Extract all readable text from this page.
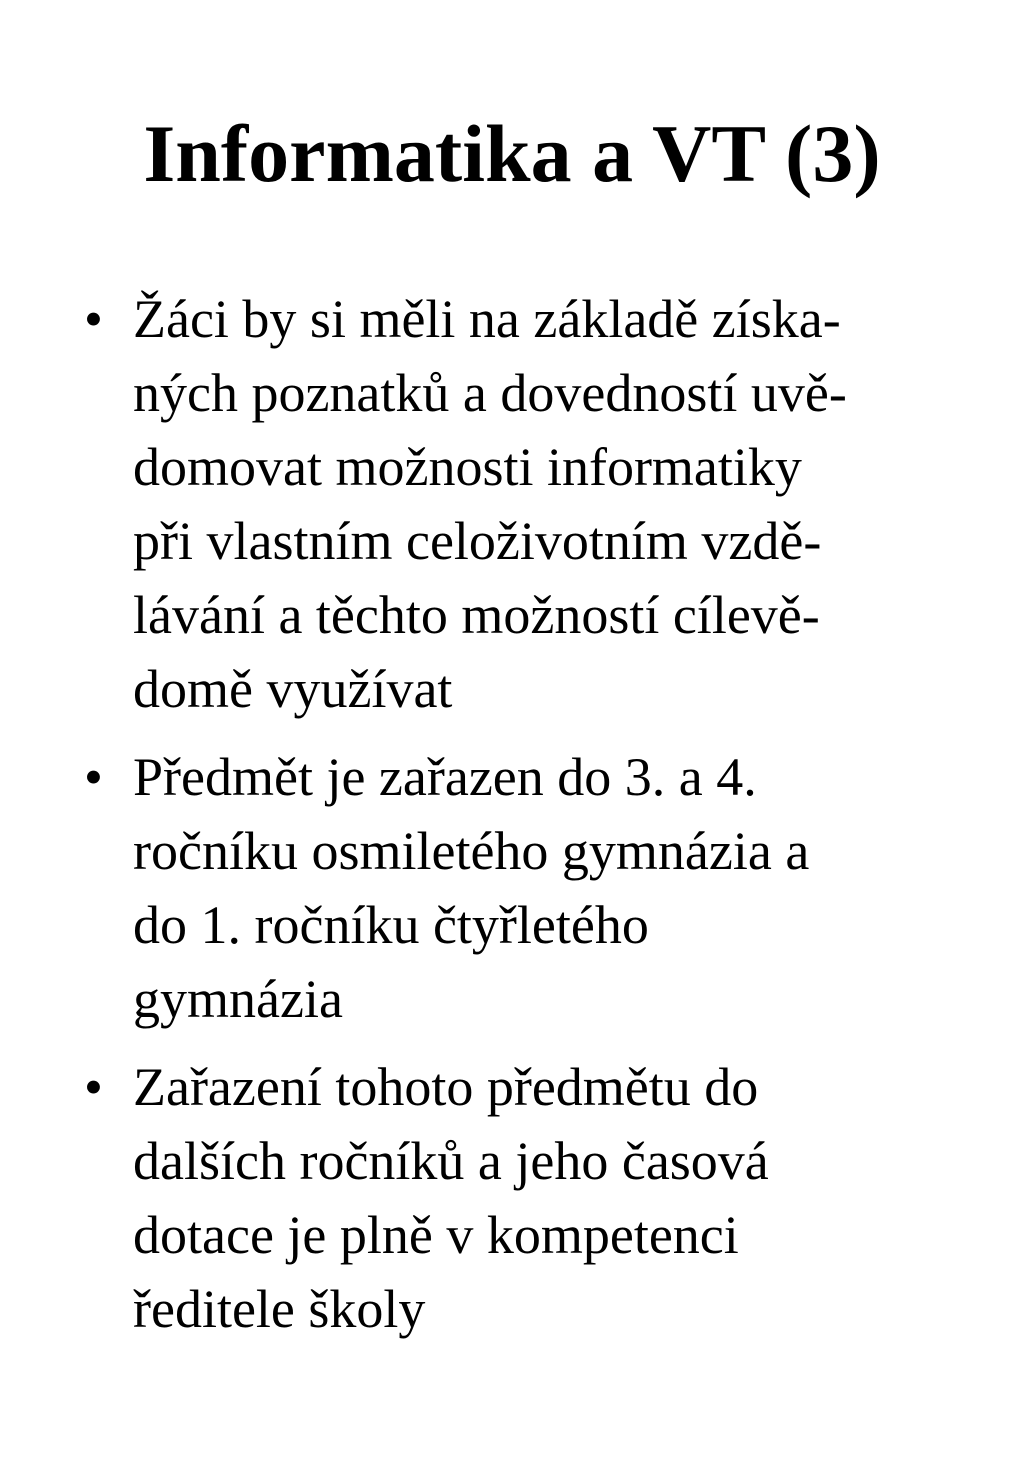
Informatika a VT (3)
• Žáci by si měli na základě získa-
ných poznatků a dovedností uvě-
domovat možnosti informatiky
při vlastním celoživotním vzdě-
lávání a těchto možností cílevě-
domě využívat
• Předmět je zařazen do 3. a 4.
ročníku osmiletého gymnázia a
do 1. ročníku čtyřletého
gymnázia
• Zařazení tohoto předmětu do
dalších ročníků a jeho časová
dotace je plně v kompetenci
ředitele školy
